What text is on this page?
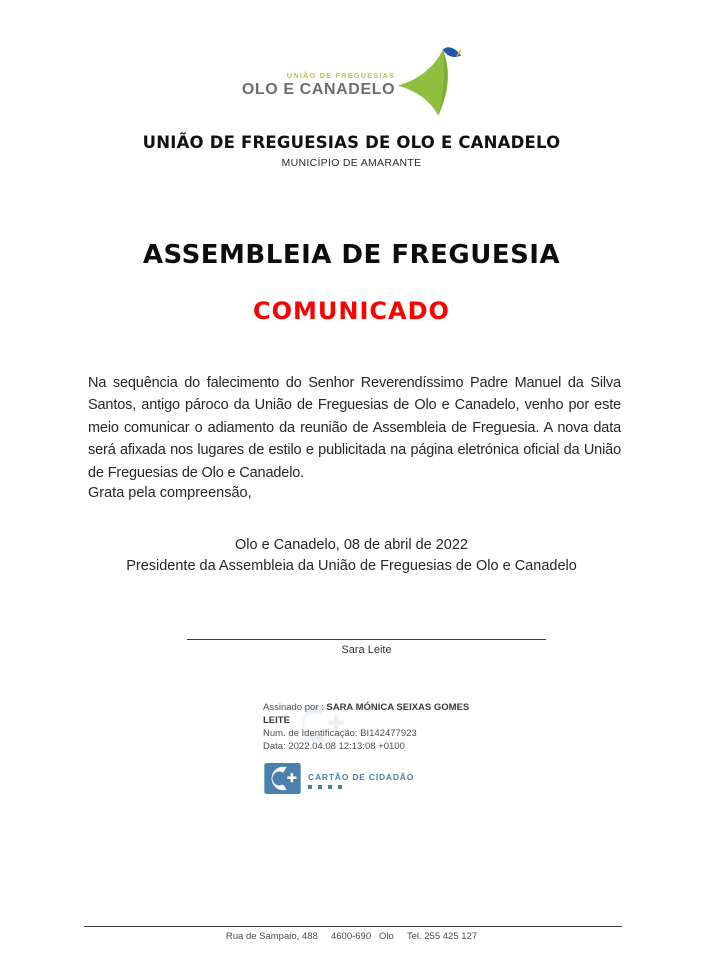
UNIÃO DE FREGUESIAS
OLO E CANADELO
UNIÃO DE FREGUESIAS DE OLO E CANADELO
MUNICÍPIO DE AMARANTE
ASSEMBLEIA DE FREGUESIA
COMUNICADO

Na sequência do falecimento do Senhor Reverendíssimo Padre Manuel da Silva Santos, antigo pároco da União de Freguesias de Olo e Canadelo, venho por este meio comunicar o adiamento da reunião de Assembleia de Freguesia. A nova data será afixada nos lugares de estilo e publicitada na página eletrónica oficial da União de Freguesias de Olo e Canadelo.

Grata pela compreensão,

Olo e Canadelo, 08 de abril de 2022

Presidente da Assembleia da União de Freguesias de Olo e Canadelo

Sara Leite

Assinado por : SARA MÓNICA SEIXAS GOMES LEITE

Num. de Identificação: BI142477923

Data: 2022.04.08 12:13:08 +0100

CARTÃO DE CIDADÃO
Rua de Sampaio, 488     4600-690   Olo     Tel. 255 425 127
